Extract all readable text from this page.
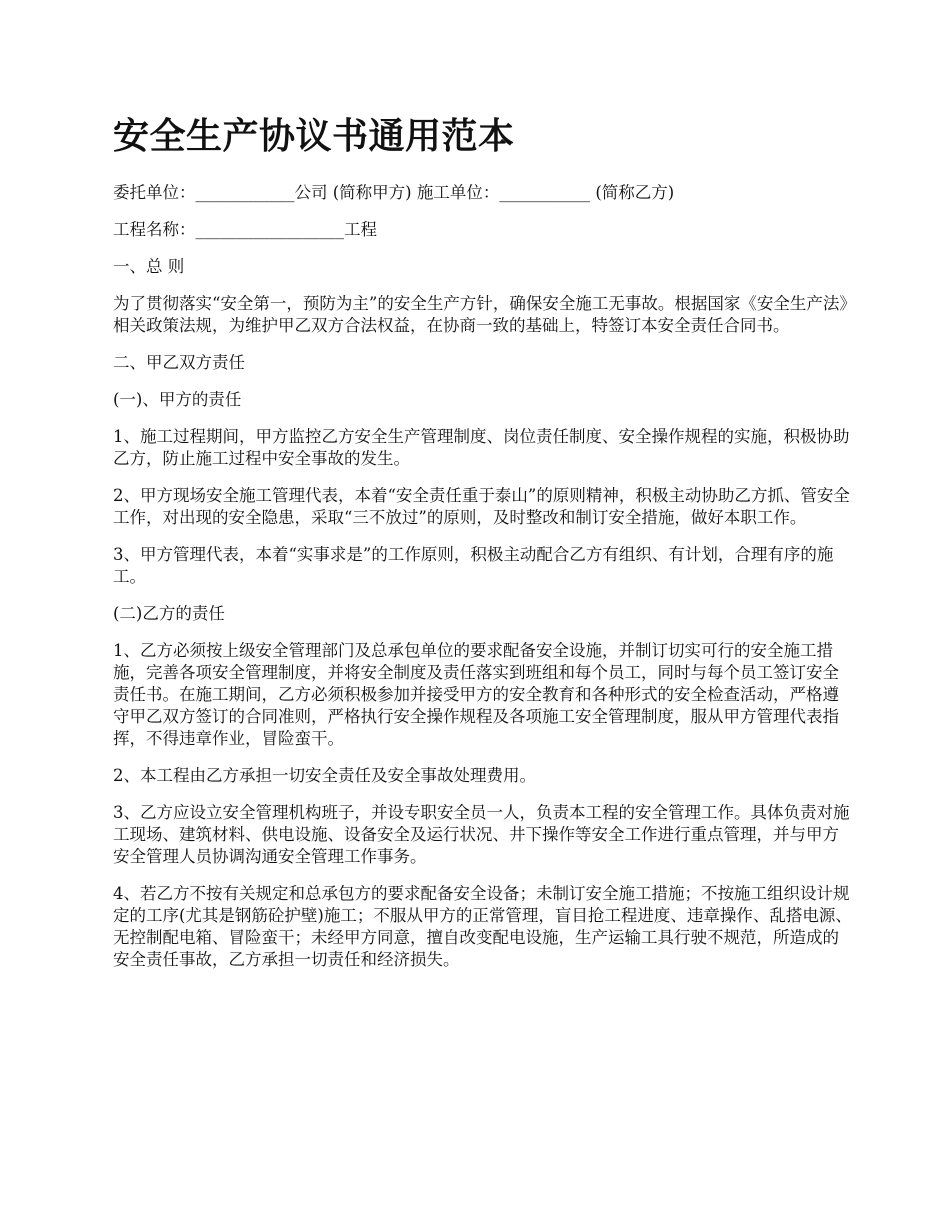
安全生产协议书通用范本

委托单位：____________公司 (简称甲方) 施工单位：___________ (简称乙方)

工程名称：__________________工程

一、总 则

为了贯彻落实“安全第一，预防为主”的安全生产方针，确保安全施工无事故。根据国家《安全生产法》相关政策法规，为维护甲乙双方合法权益，在协商一致的基础上，特签订本安全责任合同书。

二、甲乙双方责任

(一)、甲方的责任

1、施工过程期间，甲方监控乙方安全生产管理制度、岗位责任制度、安全操作规程的实施，积极协助乙方，防止施工过程中安全事故的发生。

2、甲方现场安全施工管理代表，本着“安全责任重于泰山”的原则精神，积极主动协助乙方抓、管安全工作，对出现的安全隐患，采取“三不放过”的原则，及时整改和制订安全措施，做好本职工作。

3、甲方管理代表，本着“实事求是”的工作原则，积极主动配合乙方有组织、有计划，合理有序的施工。

(二)乙方的责任

1、乙方必须按上级安全管理部门及总承包单位的要求配备安全设施，并制订切实可行的安全施工措施，完善各项安全管理制度，并将安全制度及责任落实到班组和每个员工，同时与每个员工签订安全责任书。在施工期间，乙方必须积极参加并接受甲方的安全教育和各种形式的安全检查活动，严格遵守甲乙双方签订的合同准则，严格执行安全操作规程及各项施工安全管理制度，服从甲方管理代表指挥，不得违章作业，冒险蛮干。

2、本工程由乙方承担一切安全责任及安全事故处理费用。

3、乙方应设立安全管理机构班子，并设专职安全员一人，负责本工程的安全管理工作。具体负责对施工现场、建筑材料、供电设施、设备安全及运行状况、井下操作等安全工作进行重点管理，并与甲方安全管理人员协调沟通安全管理工作事务。

4、若乙方不按有关规定和总承包方的要求配备安全设备；未制订安全施工措施；不按施工组织设计规定的工序(尤其是钢筋砼护壁)施工；不服从甲方的正常管理，盲目抢工程进度、违章操作、乱搭电源、无控制配电箱、冒险蛮干；未经甲方同意，擅自改变配电设施，生产运输工具行驶不规范，所造成的安全责任事故，乙方承担一切责任和经济损失。
